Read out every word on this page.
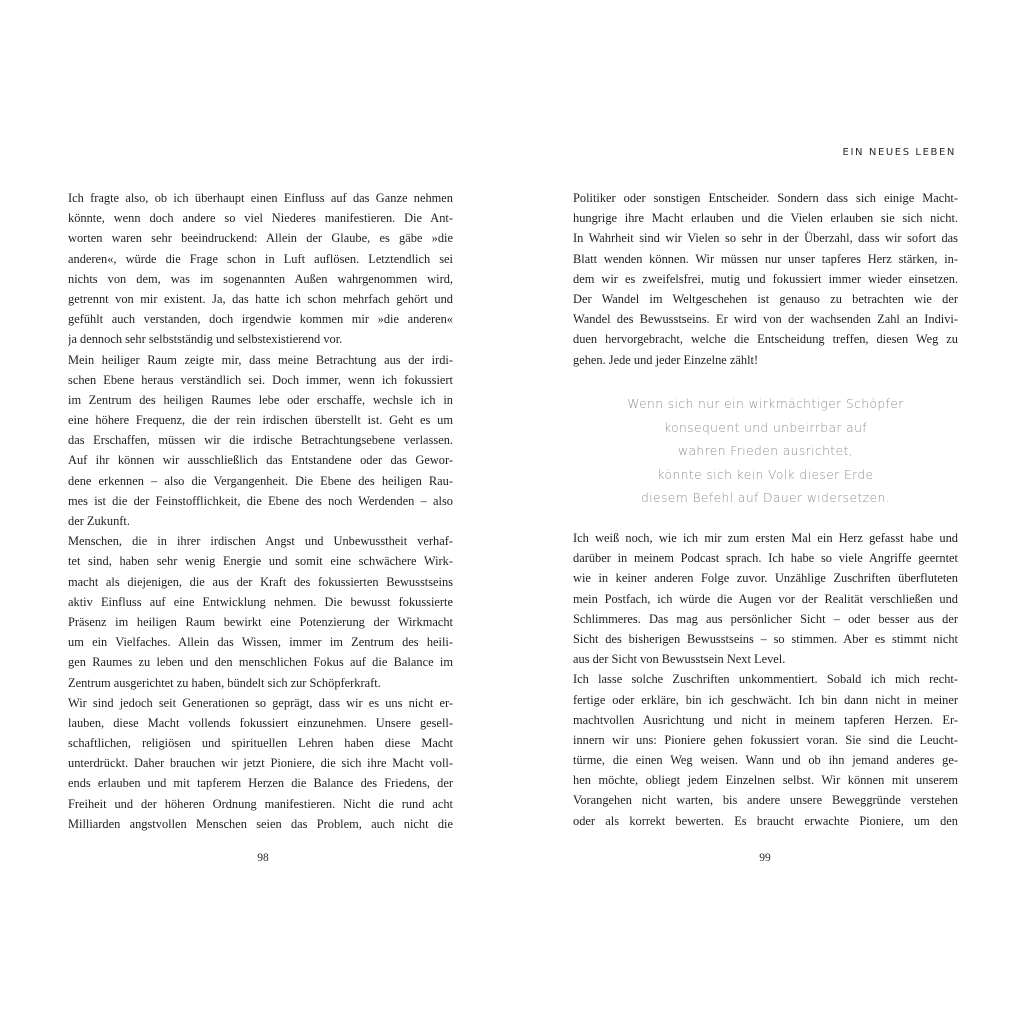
EIN NEUES LEBEN
Ich fragte also, ob ich überhaupt einen Einfluss auf das Ganze nehmen
könnte, wenn doch andere so viel Niederes manifestieren. Die Ant-
worten waren sehr beeindruckend: Allein der Glaube, es gäbe »die
anderen«, würde die Frage schon in Luft auflösen. Letztendlich sei
nichts von dem, was im sogenannten Außen wahrgenommen wird,
getrennt von mir existent. Ja, das hatte ich schon mehrfach gehört und
gefühlt auch verstanden, doch irgendwie kommen mir »die anderen«
ja dennoch sehr selbstständig und selbstexistierend vor.
Mein heiliger Raum zeigte mir, dass meine Betrachtung aus der irdi-
schen Ebene heraus verständlich sei. Doch immer, wenn ich fokussiert
im Zentrum des heiligen Raumes lebe oder erschaffe, wechsle ich in
eine höhere Frequenz, die der rein irdischen überstellt ist. Geht es um
das Erschaffen, müssen wir die irdische Betrachtungsebene verlassen.
Auf ihr können wir ausschließlich das Entstandene oder das Gewor-
dene erkennen – also die Vergangenheit. Die Ebene des heiligen Rau-
mes ist die der Feinstofflichkeit, die Ebene des noch Werdenden – also
der Zukunft.
Menschen, die in ihrer irdischen Angst und Unbewusstheit verhaf-
tet sind, haben sehr wenig Energie und somit eine schwächere Wirk-
macht als diejenigen, die aus der Kraft des fokussierten Bewusstseins
aktiv Einfluss auf eine Entwicklung nehmen. Die bewusst fokussierte
Präsenz im heiligen Raum bewirkt eine Potenzierung der Wirkmacht
um ein Vielfaches. Allein das Wissen, immer im Zentrum des heili-
gen Raumes zu leben und den menschlichen Fokus auf die Balance im
Zentrum ausgerichtet zu haben, bündelt sich zur Schöpferkraft.
Wir sind jedoch seit Generationen so geprägt, dass wir es uns nicht er-
lauben, diese Macht vollends fokussiert einzunehmen. Unsere gesell-
schaftlichen, religiösen und spirituellen Lehren haben diese Macht
unterdrückt. Daher brauchen wir jetzt Pioniere, die sich ihre Macht voll-
ends erlauben und mit tapferem Herzen die Balance des Friedens, der
Freiheit und der höheren Ordnung manifestieren. Nicht die rund acht
Milliarden angstvollen Menschen seien das Problem, auch nicht die
Politiker oder sonstigen Entscheider. Sondern dass sich einige Macht-
hungrige ihre Macht erlauben und die Vielen erlauben sie sich nicht.
In Wahrheit sind wir Vielen so sehr in der Überzahl, dass wir sofort das
Blatt wenden können. Wir müssen nur unser tapferes Herz stärken, in-
dem wir es zweifelsfrei, mutig und fokussiert immer wieder einsetzen.
Der Wandel im Weltgeschehen ist genauso zu betrachten wie der
Wandel des Bewusstseins. Er wird von der wachsenden Zahl an Indivi-
duen hervorgebracht, welche die Entscheidung treffen, diesen Weg zu
gehen. Jede und jeder Einzelne zählt!
Wenn sich nur ein wirkmächtiger Schöpfer
konsequent und unbeirrbar auf
wahren Frieden ausrichtet,
könnte sich kein Volk dieser Erde
diesem Befehl auf Dauer widersetzen.
Ich weiß noch, wie ich mir zum ersten Mal ein Herz gefasst habe und
darüber in meinem Podcast sprach. Ich habe so viele Angriffe geerntet
wie in keiner anderen Folge zuvor. Unzählige Zuschriften überfluteten
mein Postfach, ich würde die Augen vor der Realität verschließen und
Schlimmeres. Das mag aus persönlicher Sicht – oder besser aus der
Sicht des bisherigen Bewusstseins – so stimmen. Aber es stimmt nicht
aus der Sicht von Bewusstsein Next Level.
Ich lasse solche Zuschriften unkommentiert. Sobald ich mich recht-
fertige oder erkläre, bin ich geschwächt. Ich bin dann nicht in meiner
machtvollen Ausrichtung und nicht in meinem tapferen Herzen. Er-
innern wir uns: Pioniere gehen fokussiert voran. Sie sind die Leucht-
türme, die einen Weg weisen. Wann und ob ihn jemand anderes ge-
hen möchte, obliegt jedem Einzelnen selbst. Wir können mit unserem
Vorangehen nicht warten, bis andere unsere Beweggründe verstehen
oder als korrekt bewerten. Es braucht erwachte Pioniere, um den
98	99
